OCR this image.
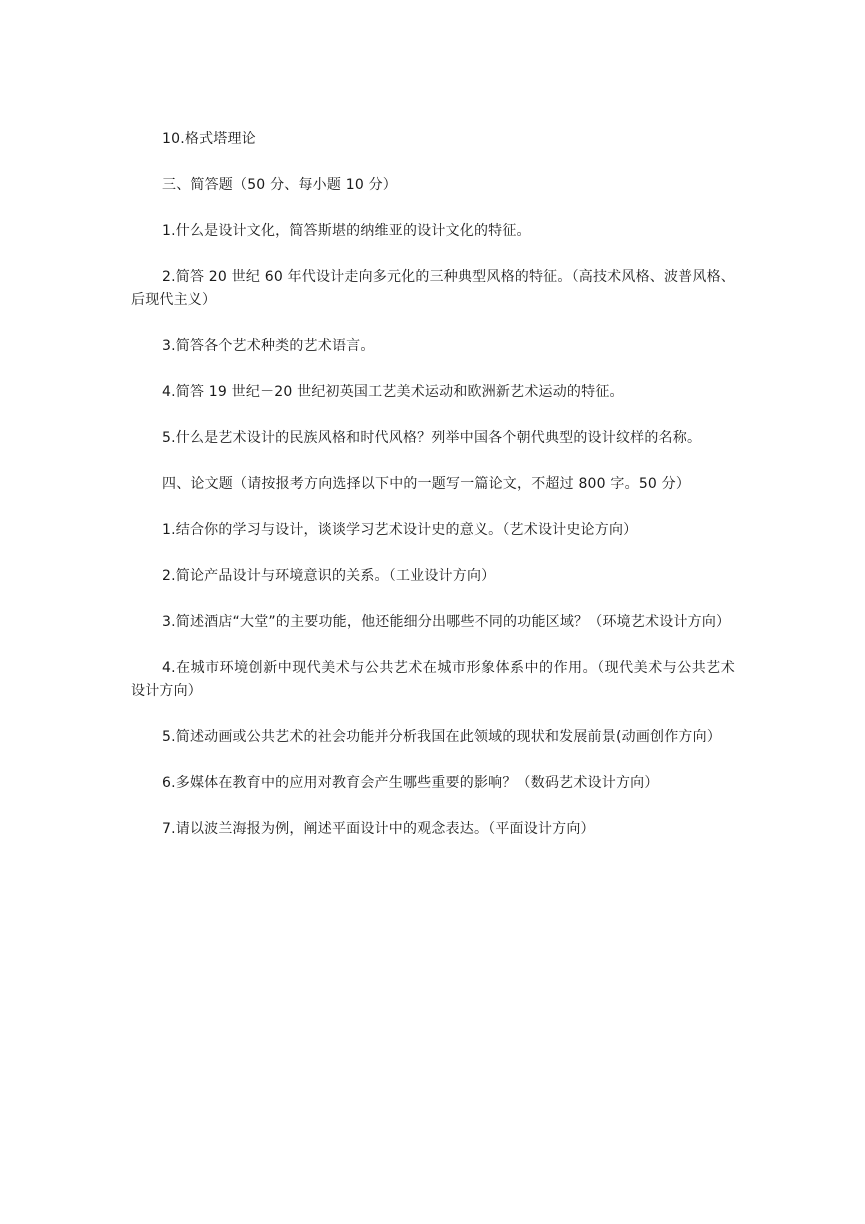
10.格式塔理论

三、简答题（50 分、每小题 10 分）

1.什么是设计文化，简答斯堪的纳维亚的设计文化的特征。

2.简答 20 世纪 60 年代设计走向多元化的三种典型风格的特征。（高技术风格、波普风格、后现代主义）

3.简答各个艺术种类的艺术语言。

4.简答 19 世纪－20 世纪初英国工艺美术运动和欧洲新艺术运动的特征。

5.什么是艺术设计的民族风格和时代风格？列举中国各个朝代典型的设计纹样的名称。

四、论文题（请按报考方向选择以下中的一题写一篇论文，不超过 800 字。50 分）

1.结合你的学习与设计，谈谈学习艺术设计史的意义。（艺术设计史论方向）

2.简论产品设计与环境意识的关系。（工业设计方向）

3.简述酒店“大堂”的主要功能，他还能细分出哪些不同的功能区域？（环境艺术设计方向）

4.在城市环境创新中现代美术与公共艺术在城市形象体系中的作用。（现代美术与公共艺术设计方向）

5.简述动画或公共艺术的社会功能并分析我国在此领域的现状和发展前景(动画创作方向）

6.多媒体在教育中的应用对教育会产生哪些重要的影响？（数码艺术设计方向）

7.请以波兰海报为例，阐述平面设计中的观念表达。（平面设计方向）
